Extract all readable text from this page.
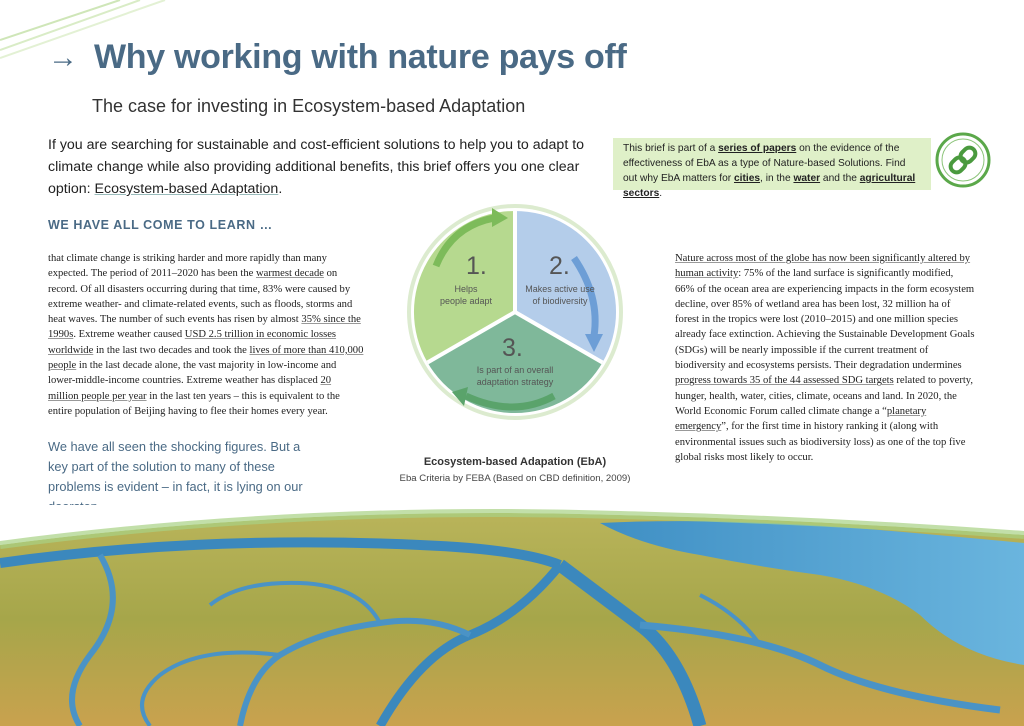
→ Why working with nature pays off
The case for investing in Ecosystem-based Adaptation
If you are searching for sustainable and cost-efficient solutions to help you to adapt to climate change while also providing additional benefits, this brief offers you one clear option: Ecosystem-based Adaptation.
This brief is part of a series of papers on the evidence of the effectiveness of EbA as a type of Nature-based Solutions. Find out why EbA matters for cities, in the water and the agricultural sectors.
WE HAVE ALL COME TO LEARN …
that climate change is striking harder and more rapidly than many expected. The period of 2011–2020 has been the warmest decade on record. Of all disasters occurring during that time, 83% were caused by extreme weather- and climate-related events, such as floods, storms and heat waves. The number of such events has risen by almost 35% since the 1990s. Extreme weather caused USD 2.5 trillion in economic losses worldwide in the last two decades and took the lives of more than 410,000 people in the last decade alone, the vast majority in low-income and lower-middle-income countries. Extreme weather has displaced 20 million people per year in the last ten years – this is equivalent to the entire population of Beijing having to flee their homes every year.
We have all seen the shocking figures. But a key part of the solution to many of these problems is evident – in fact, it is lying on our
1.
Helps
people adapt
2.
Makes active use
of biodiversity
3.
Is part of an overall
adaptation strategy
Ecosystem-based Adapation (EbA)
Eba Criteria by FEBA (Based on CBD definition, 2009)
Nature across most of the globe has now been significantly altered by human activity: 75% of the land surface is significantly modified, 66% of the ocean area are experiencing impacts in the form ecosystem decline, over 85% of wetland area has been lost, 32 million ha of forest in the tropics were lost (2010–2015) and one million species already face extinction. Achieving the Sustainable Development Goals (SDGs) will be nearly impossible if the current treatment of biodiversity and ecosystems persists. Their degradation undermines progress towards 35 of the 44 assessed SDG targets related to poverty, hunger, health, water, cities, climate, oceans and land. In 2020, the World Economic Forum called climate change a “planetary emergency”, for the first time in history ranking it (along with environmental issues such as biodiversity loss) as one of the top five global risks most likely to occur.
